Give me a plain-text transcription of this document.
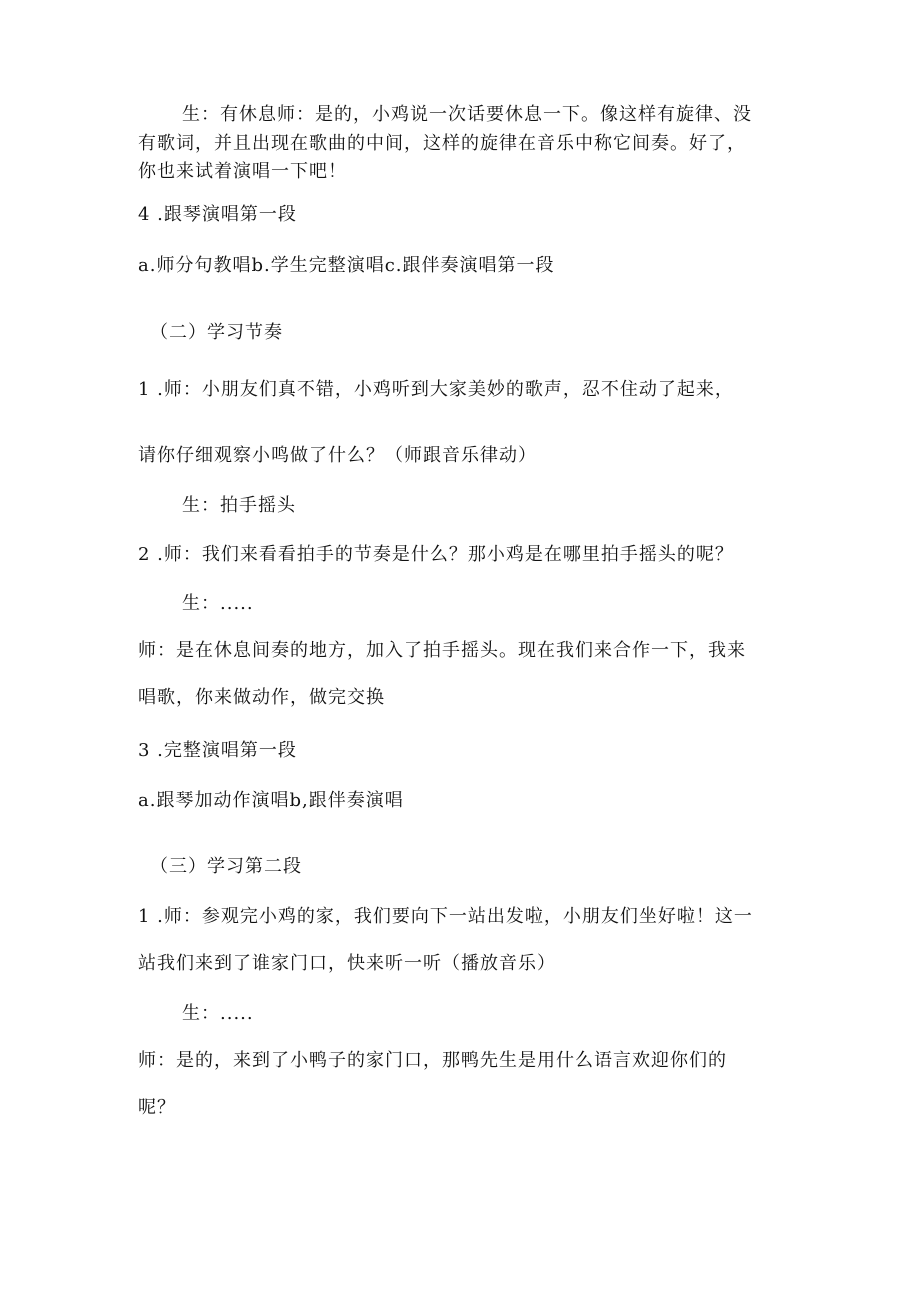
生：有休息师：是的，小鸡说一次话要休息一下。像这样有旋律、没

有歌词，并且出现在歌曲的中间，这样的旋律在音乐中称它间奏。好了，

你也来试着演唱一下吧！

4 .跟琴演唱第一段

a.师分句教唱b.学生完整演唱c.跟伴奏演唱第一段

（二）学习节奏

1 .师：小朋友们真不错，小鸡听到大家美妙的歌声，忍不住动了起来，

请你仔细观察小鸣做了什么？（师跟音乐律动）

生：拍手摇头

2 .师：我们来看看拍手的节奏是什么？那小鸡是在哪里拍手摇头的呢？

生：.....

师：是在休息间奏的地方，加入了拍手摇头。现在我们来合作一下，我来

唱歌，你来做动作，做完交换

3 .完整演唱第一段

a.跟琴加动作演唱b,跟伴奏演唱

（三）学习第二段

1 .师：参观完小鸡的家，我们要向下一站出发啦，小朋友们坐好啦！这一

站我们来到了谁家门口，快来听一听（播放音乐）

生：.....

师：是的，来到了小鸭子的家门口，那鸭先生是用什么语言欢迎你们的

呢？
